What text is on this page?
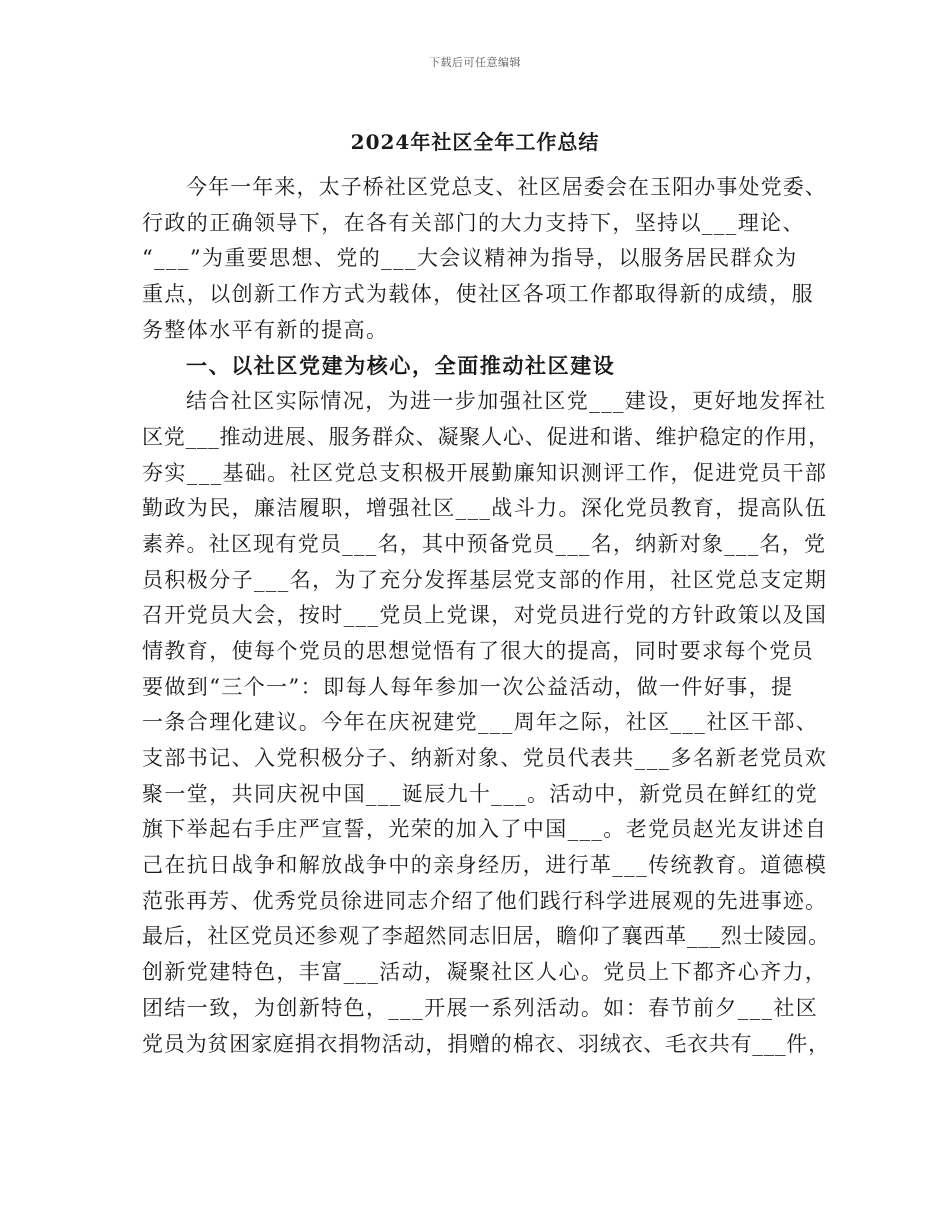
下载后可任意编辑
2024年社区全年工作总结
今年一年来，太子桥社区党总支、社区居委会在玉阳办事处党委、
行政的正确领导下，在各有关部门的大力支持下，坚持以___理论、
“___”为重要思想、党的___大会议精神为指导，以服务居民群众为
重点，以创新工作方式为载体，使社区各项工作都取得新的成绩，服
务整体水平有新的提高。
一、以社区党建为核心，全面推动社区建设
结合社区实际情况，为进一步加强社区党___建设，更好地发挥社
区党___推动进展、服务群众、凝聚人心、促进和谐、维护稳定的作用，
夯实___基础。社区党总支积极开展勤廉知识测评工作，促进党员干部
勤政为民，廉洁履职，增强社区___战斗力。深化党员教育，提高队伍
素养。社区现有党员___名，其中预备党员___名，纳新对象___名，党
员积极分子___名，为了充分发挥基层党支部的作用，社区党总支定期
召开党员大会，按时___党员上党课，对党员进行党的方针政策以及国
情教育，使每个党员的思想觉悟有了很大的提高，同时要求每个党员
要做到“三个一”：即每人每年参加一次公益活动，做一件好事，提
一条合理化建议。今年在庆祝建党___周年之际，社区___社区干部、
支部书记、入党积极分子、纳新对象、党员代表共___多名新老党员欢
聚一堂，共同庆祝中国___诞辰九十___。活动中，新党员在鲜红的党
旗下举起右手庄严宣誓，光荣的加入了中国___。老党员赵光友讲述自
己在抗日战争和解放战争中的亲身经历，进行革___传统教育。道德模
范张再芳、优秀党员徐进同志介绍了他们践行科学进展观的先进事迹。
最后，社区党员还参观了李超然同志旧居，瞻仰了襄西革___烈士陵园。
创新党建特色，丰富___活动，凝聚社区人心。党员上下都齐心齐力，
团结一致，为创新特色，___开展一系列活动。如：春节前夕___社区
党员为贫困家庭捐衣捐物活动，捐赠的棉衣、羽绒衣、毛衣共有___件，
